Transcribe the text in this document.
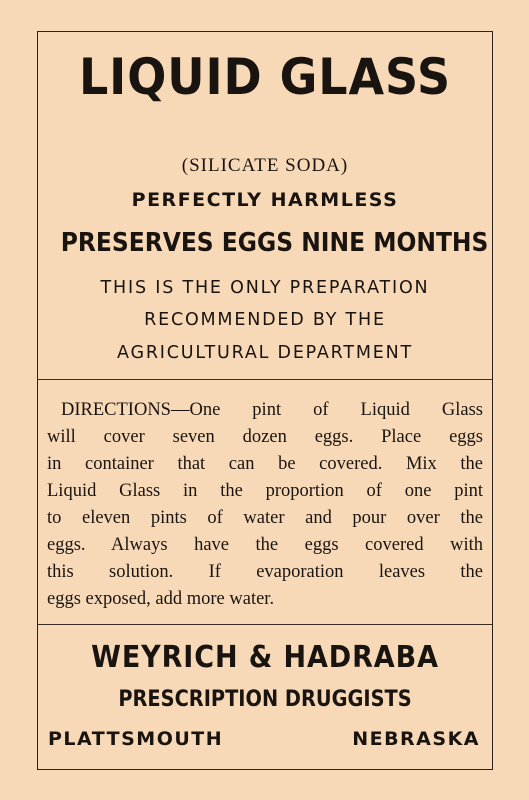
LIQUID GLASS
(SILICATE SODA)
PERFECTLY HARMLESS
PRESERVES EGGS NINE MONTHS
THIS IS THE ONLY PREPARATION
RECOMMENDED BY THE
AGRICULTURAL DEPARTMENT
DIRECTIONS—One pint of Liquid Glass
will cover seven dozen eggs. Place eggs
in container that can be covered. Mix the
Liquid Glass in the proportion of one pint
to eleven pints of water and pour over the
eggs. Always have the eggs covered with
this solution. If evaporation leaves the
eggs exposed, add more water.
WEYRICH & HADRABA
PRESCRIPTION DRUGGISTS
PLATTSMOUTH	NEBRASKA
